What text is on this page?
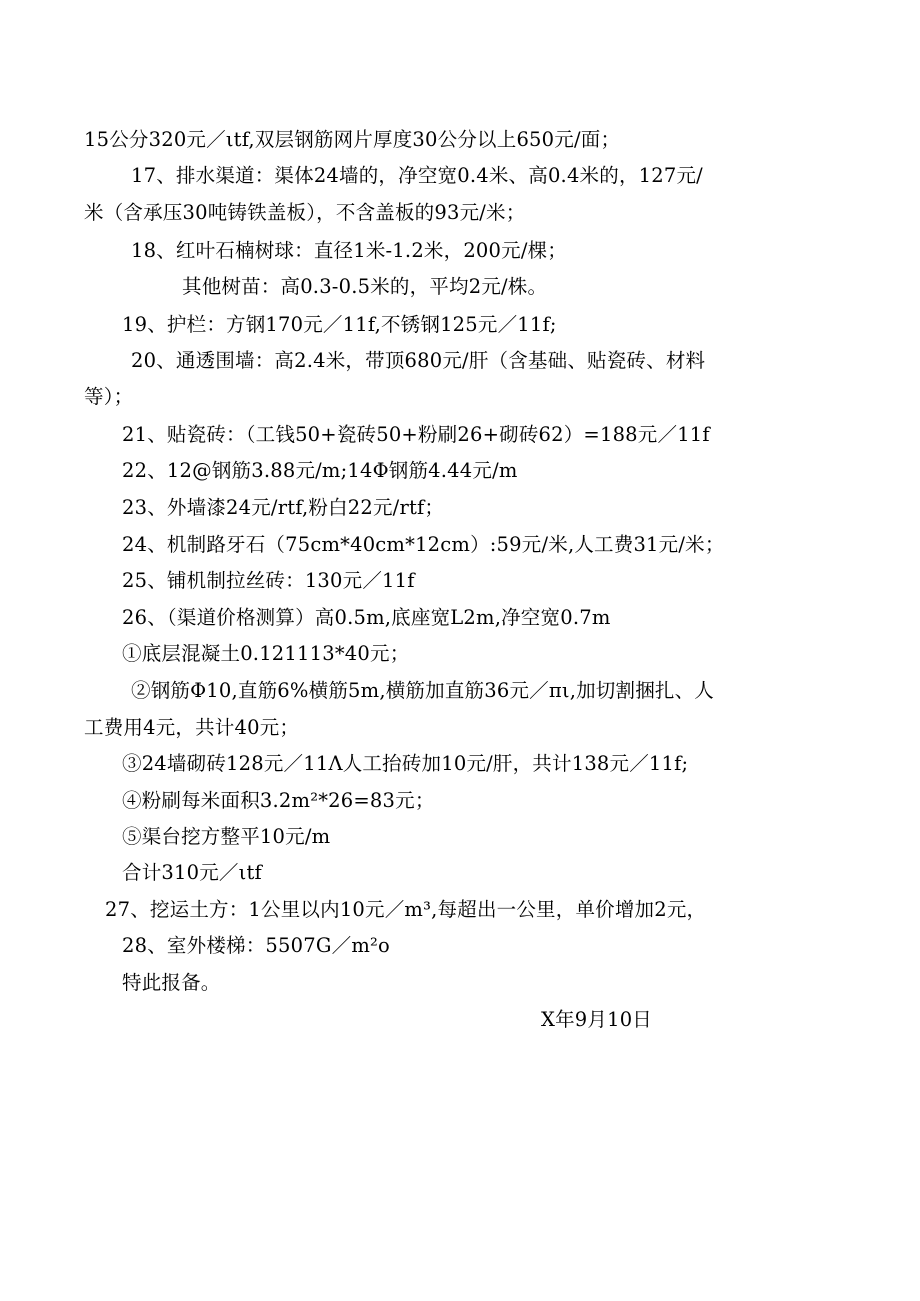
15公分320元／ιtf,双层钢筋网片厚度30公分以上650元/面；
17、排水渠道：渠体24墙的，净空宽0.4米、高0.4米的，127元/
米（含承压30吨铸铁盖板），不含盖板的93元/米；
18、红叶石楠树球：直径1米-1.2米，200元/棵；
其他树苗：高0.3-0.5米的，平均2元/株。
19、护栏：方钢170元／11f,不锈钢125元／11f;
20、通透围墙：高2.4米，带顶680元/肝（含基础、贴瓷砖、材料
等）；
21、贴瓷砖：（工钱50+瓷砖50+粉刷26+砌砖62）=188元／11f
22、12@钢筋3.88元/m;14Φ钢筋4.44元/m
23、外墙漆24元/rtf,粉白22元/rtf；
24、机制路牙石（75cm*40cm*12cm）:59元/米,人工费31元/米；
25、铺机制拉丝砖：130元／11f
26、（渠道价格测算）高0.5m,底座宽L2m,净空宽0.7m
①底层混凝土0.121113*40元；
②钢筋Φ10,直筋6%横筋5m,横筋加直筋36元／πι,加切割捆扎、人
工费用4元，共计40元；
③24墙砌砖128元／11Λ人工抬砖加10元/肝，共计138元／11f;
④粉刷每米面积3.2m²*26=83元；
⑤渠台挖方整平10元/m
合计310元／ιtf
27、挖运土方：1公里以内10元／m³,每超出一公里，单价增加2元，
28、室外楼梯：5507G／m²o
特此报备。
X年9月10日
